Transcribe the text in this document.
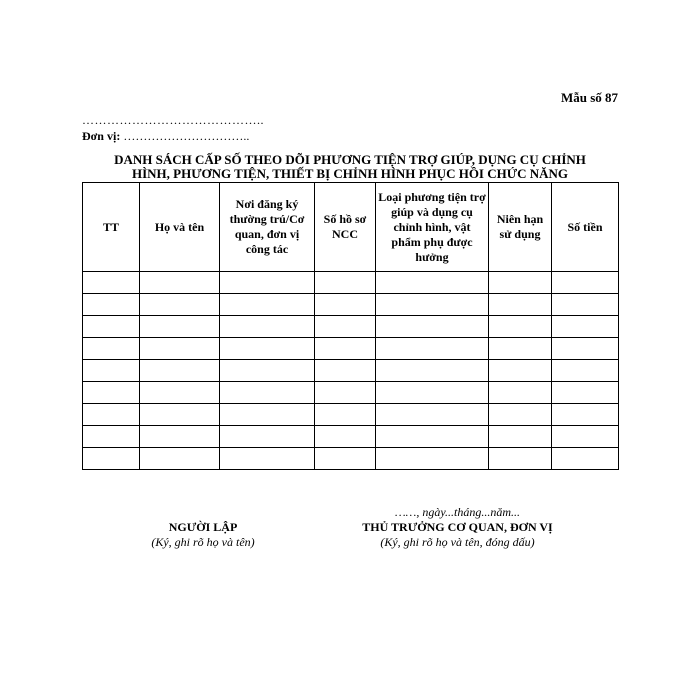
Mẫu số 87
……………………………………..
Đơn vị: …………………………..
DANH SÁCH CẤP SỐ THEO DÕI PHƯƠNG TIỆN TRỢ GIÚP, DỤNG CỤ CHỈNH
HÌNH, PHƯƠNG TIỆN, THIẾT BỊ CHỈNH HÌNH PHỤC HỒI CHỨC NĂNG
TT	Họ và tên	Nơi đăng ký thường trú/Cơ quan, đơn vị công tác	Số hồ sơ NCC	Loại phương tiện trợ giúp và dụng cụ chỉnh hình, vật phẩm phụ được hưởng	Niên hạn sử dụng	Số tiền

NGƯỜI LẬP
(Ký, ghi rõ họ và tên)
……, ngày...tháng...năm...
THỦ TRƯỞNG CƠ QUAN, ĐƠN VỊ
(Ký, ghi rõ họ và tên, đóng dấu)
